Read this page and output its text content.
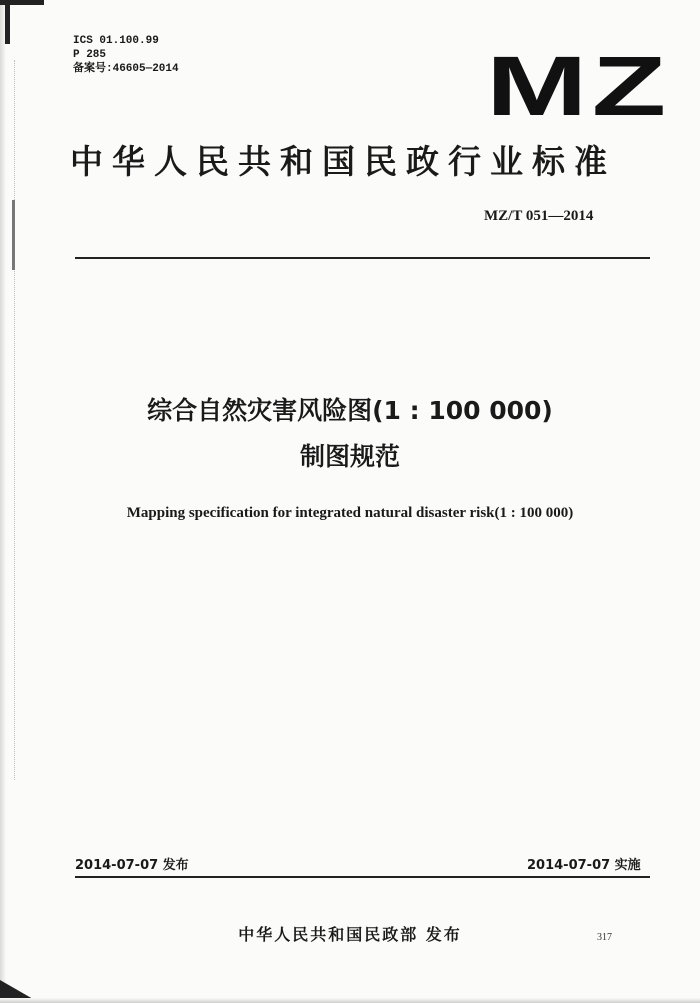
ICS 01.100.99
P 285
备案号:46605—2014	MZ
中华人民共和国民政行业标准
MZ/T 051—2014
综合自然灾害风险图(1 : 100 000)
制图规范
Mapping specification for integrated natural disaster risk(1 : 100 000)
2014-07-07 发布	2014-07-07 实施
中华人民共和国民政部 发布	317
